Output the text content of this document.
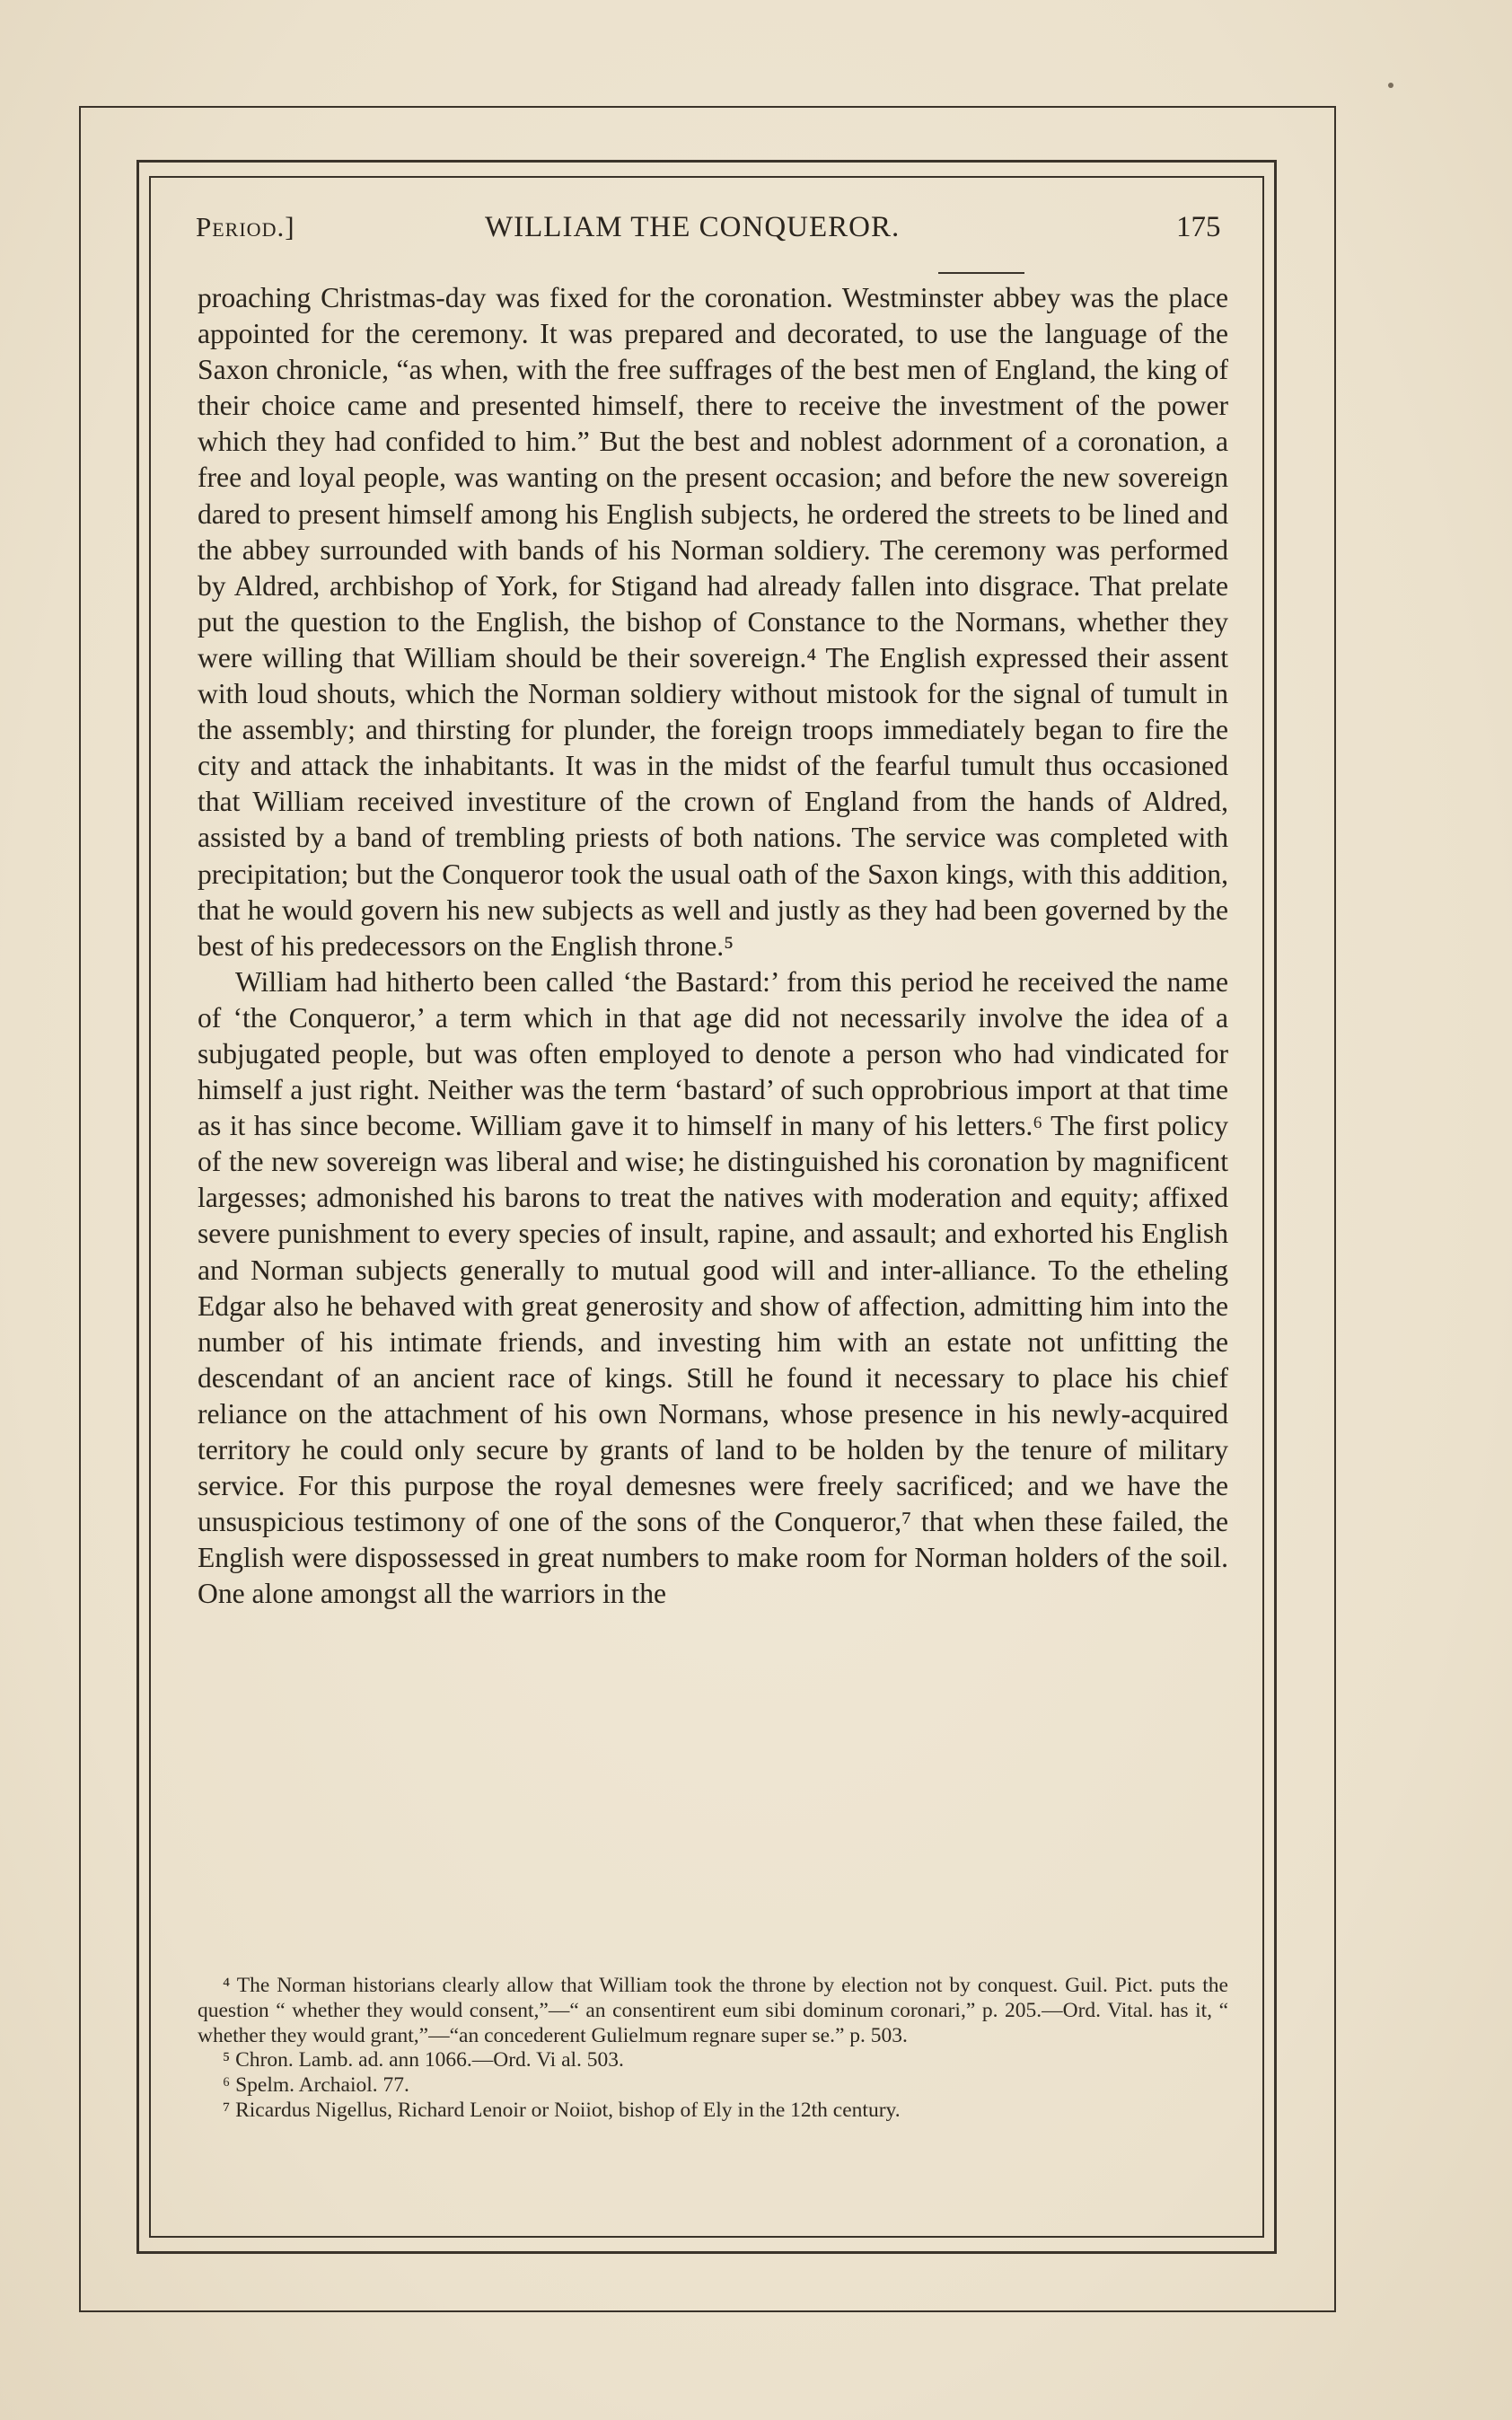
Period.]	WILLIAM THE CONQUEROR.	175

proaching Christmas-day was fixed for the coronation. Westminster abbey was the place appointed for the ceremony. It was prepared and decorated, to use the language of the Saxon chronicle, “as when, with the free suffrages of the best men of England, the king of their choice came and presented himself, there to receive the investment of the power which they had confided to him.” But the best and noblest adornment of a coronation, a free and loyal people, was wanting on the present occasion; and before the new sovereign dared to present himself among his English subjects, he ordered the streets to be lined and the abbey surrounded with bands of his Norman soldiery. The ceremony was performed by Aldred, archbishop of York, for Stigand had already fallen into disgrace. That prelate put the question to the English, the bishop of Constance to the Normans, whether they were willing that William should be their sovereign.⁴ The English expressed their assent with loud shouts, which the Norman soldiery without mistook for the signal of tumult in the assembly; and thirsting for plunder, the foreign troops immediately began to fire the city and attack the inhabitants. It was in the midst of the fearful tumult thus occasioned that William received investiture of the crown of England from the hands of Aldred, assisted by a band of trembling priests of both nations. The service was completed with precipitation; but the Conqueror took the usual oath of the Saxon kings, with this addition, that he would govern his new subjects as well and justly as they had been governed by the best of his predecessors on the English throne.⁵

William had hitherto been called ‘the Bastard:’ from this period he received the name of ‘the Conqueror,’ a term which in that age did not necessarily involve the idea of a subjugated people, but was often employed to denote a person who had vindicated for himself a just right. Neither was the term ‘bastard’ of such opprobrious import at that time as it has since become. William gave it to himself in many of his letters.⁶ The first policy of the new sovereign was liberal and wise; he distinguished his coronation by magnificent largesses; admonished his barons to treat the natives with moderation and equity; affixed severe punishment to every species of insult, rapine, and assault; and exhorted his English and Norman subjects generally to mutual good will and inter-alliance. To the etheling Edgar also he behaved with great generosity and show of affection, admitting him into the number of his intimate friends, and investing him with an estate not unfitting the descendant of an ancient race of kings. Still he found it necessary to place his chief reliance on the attachment of his own Normans, whose presence in his newly-acquired territory he could only secure by grants of land to be holden by the tenure of military service. For this purpose the royal demesnes were freely sacrificed; and we have the unsuspicious testimony of one of the sons of the Conqueror,⁷ that when these failed, the English were dispossessed in great numbers to make room for Norman holders of the soil. One alone amongst all the warriors in the

⁴ The Norman historians clearly allow that William took the throne by election not by conquest. Guil. Pict. puts the question “ whether they would consent,”—“ an consentirent eum sibi dominum coronari,” p. 205.—Ord. Vital. has it, “ whether they would grant,”—“an concederent Gulielmum regnare super se.” p. 503.

⁵ Chron. Lamb. ad. ann 1066.—Ord. Vi al. 503.

⁶ Spelm. Archaiol. 77.

⁷ Ricardus Nigellus, Richard Lenoir or Noiiot, bishop of Ely in the 12th century.
